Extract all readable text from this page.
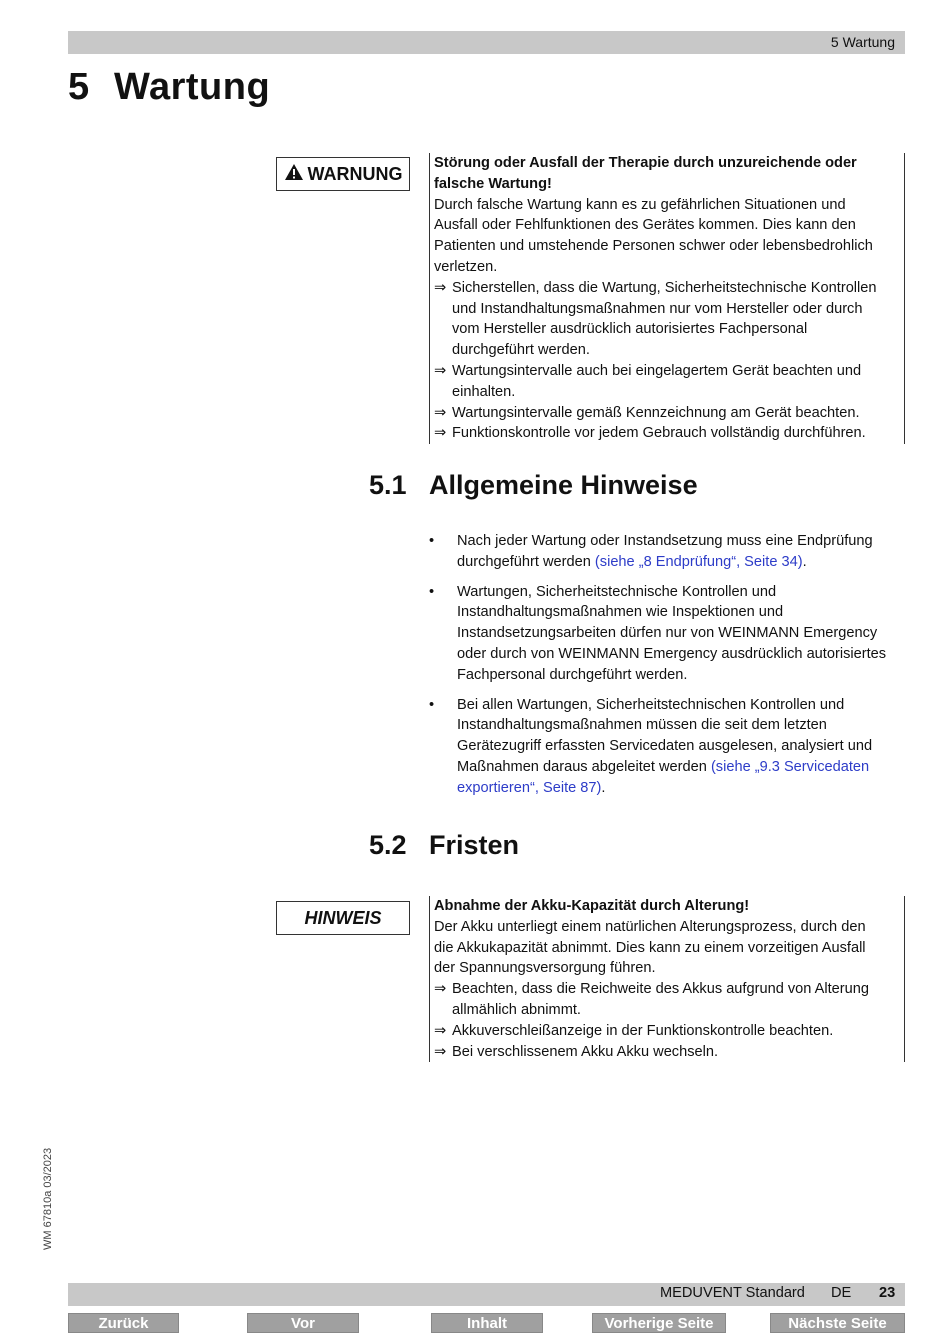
5 Wartung
5 Wartung
WARNUNG
Störung oder Ausfall der Therapie durch unzureichende oder
falsche Wartung!
Durch falsche Wartung kann es zu gefährlichen Situationen und
Ausfall oder Fehlfunktionen des Gerätes kommen. Dies kann den
Patienten und umstehende Personen schwer oder lebensbedrohlich
verletzen.
⇒ Sicherstellen, dass die Wartung, Sicherheitstechnische Kontrollen
und Instandhaltungsmaßnahmen nur vom Hersteller oder durch
vom Hersteller ausdrücklich autorisiertes Fachpersonal
durchgeführt werden.
⇒ Wartungsintervalle auch bei eingelagertem Gerät beachten und
einhalten.
⇒ Wartungsintervalle gemäß Kennzeichnung am Gerät beachten.
⇒ Funktionskontrolle vor jedem Gebrauch vollständig durchführen.
5.1 Allgemeine Hinweise
•	Nach jeder Wartung oder Instandsetzung muss eine Endprüfung
durchgeführt werden (siehe „8 Endprüfung“, Seite 34).
•	Wartungen, Sicherheitstechnische Kontrollen und
Instandhaltungsmaßnahmen wie Inspektionen und
Instandsetzungsarbeiten dürfen nur von WEINMANN Emergency
oder durch von WEINMANN Emergency ausdrücklich autorisiertes
Fachpersonal durchgeführt werden.
•	Bei allen Wartungen, Sicherheitstechnischen Kontrollen und
Instandhaltungsmaßnahmen müssen die seit dem letzten
Gerätezugriff erfassten Servicedaten ausgelesen, analysiert und
Maßnahmen daraus abgeleitet werden (siehe „9.3 Servicedaten
exportieren“, Seite 87).
5.2 Fristen
HINWEIS
Abnahme der Akku-Kapazität durch Alterung!
Der Akku unterliegt einem natürlichen Alterungsprozess, durch den
die Akkukapazität abnimmt. Dies kann zu einem vorzeitigen Ausfall
der Spannungsversorgung führen.
⇒ Beachten, dass die Reichweite des Akkus aufgrund von Alterung
allmählich abnimmt.
⇒ Akkuverschleißanzeige in der Funktionskontrolle beachten.
⇒ Bei verschlissenem Akku Akku wechseln.
WM 67810a 03/2023
MEDUVENT Standard DE 23
Zurück	Vor	Inhalt	Vorherige Seite	Nächste Seite
